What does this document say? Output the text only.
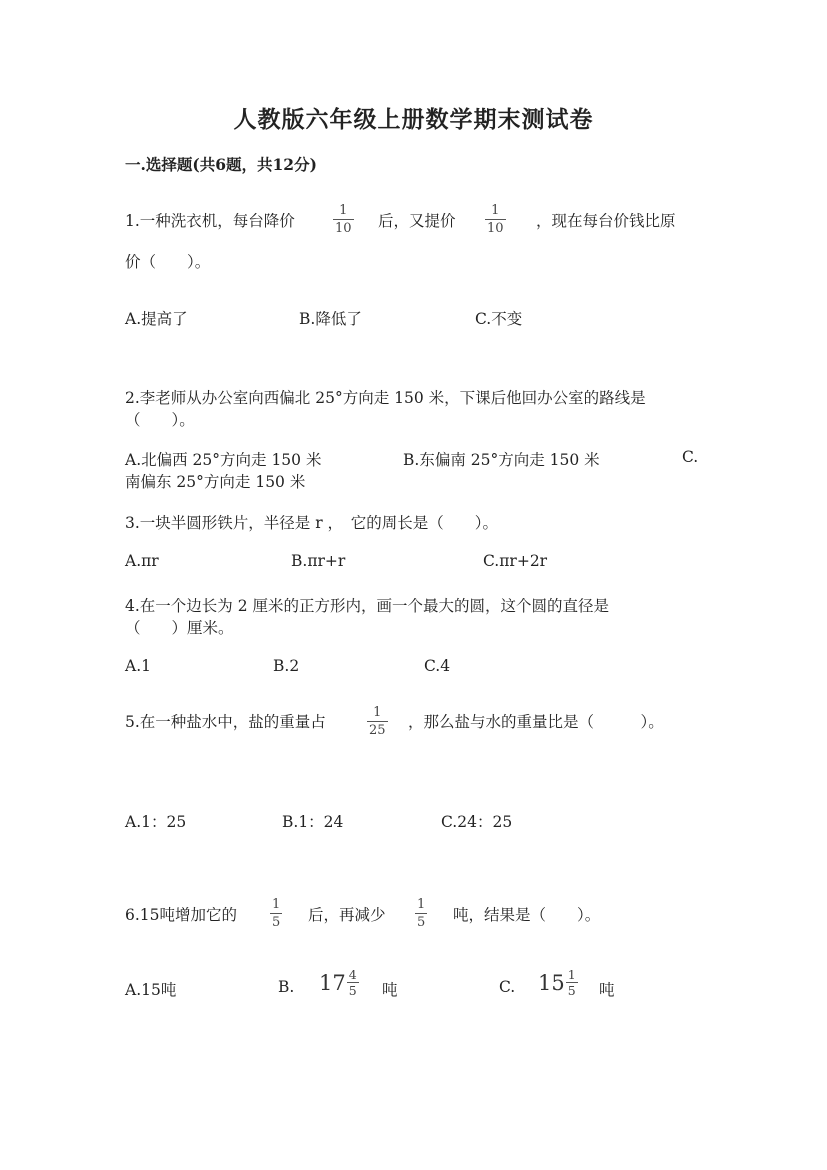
人教版六年级上册数学期末测试卷
一.选择题(共6题，共12分)
1.一种洗衣机，每台降价
1
10 后，又提价
1
10 ，现在每台价钱比原
价（　　）。
A.提高了	B.降低了	C.不变
2.李老师从办公室向西偏北 25°方向走 150 米，下课后他回办公室的路线是
（　　）。
A.北偏西 25°方向走 150 米	B.东偏南 25°方向走 150 米	C.
南偏东 25°方向走 150 米
3.一块半圆形铁片，半径是 r ，　它的周长是（　　）。
A.πr	B.πr+r	C.πr+2r
4.在一个边长为 2 厘米的正方形内，画一个最大的圆，这个圆的直径是
（　　）厘米。
A.1	B.2	C.4
5.在一种盐水中，盐的重量占
1
25 ，那么盐与水的重量比是（　　　）。
A.1：25	B.1：24	C.24：25
6.15吨增加它的
1
5 后，再减少
1
5 吨，结果是（　　）。
A.15吨	B. $17 \frac{4}{5}$ 吨	C. $15 \frac{1}{5}$ 吨
